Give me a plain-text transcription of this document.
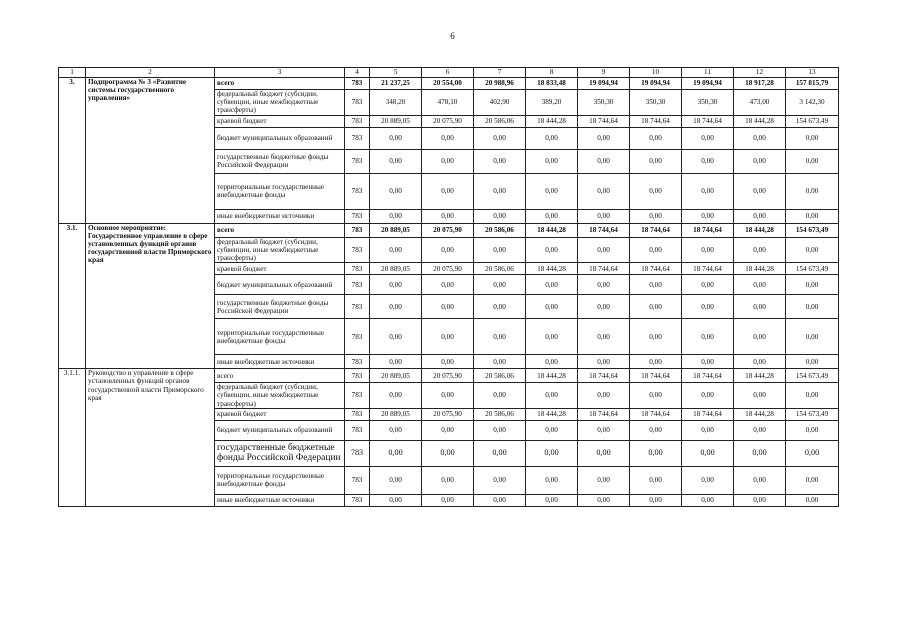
6
1	2	3	4	5	6	7	8	9	10	11	12	13
3.	Подпрограмма № 3 «Развитие системы государственного управления»	всего	783	21 237,25	20 554,00	20 988,96	18 833,48	19 094,94	19 094,94	19 094,94	18 917,28	157 815,79
		федеральный бюджет (субсидии, субвенции, иные межбюджетные трансферты)	783	348,20	478,10	402,90	389,20	350,30	350,30	350,30	473,00	3 142,30
		краевой бюджет	783	20 889,05	20 075,90	20 586,06	18 444,28	18 744,64	18 744,64	18 744,64	18 444,28	154 673,49
		бюджет муниципальных образований	783	0,00	0,00	0,00	0,00	0,00	0,00	0,00	0,00	0,00
		государственные бюджетные фонды Российской Федерации	783	0,00	0,00	0,00	0,00	0,00	0,00	0,00	0,00	0,00
		территориальные государственные внебюджетные фонды	783	0,00	0,00	0,00	0,00	0,00	0,00	0,00	0,00	0,00
		иные внебюджетные источники	783	0,00	0,00	0,00	0,00	0,00	0,00	0,00	0,00	0,00
3.1.	Основное мероприятие: Государственное управление в сфере установленных функций органов государственной власти Приморского края	всего	783	20 889,05	20 075,90	20 586,06	18 444,28	18 744,64	18 744,64	18 744,64	18 444,28	154 673,49
		федеральный бюджет (субсидии, субвенции, иные межбюджетные трансферты)	783	0,00	0,00	0,00	0,00	0,00	0,00	0,00	0,00	0,00
		краевой бюджет	783	20 889,05	20 075,90	20 586,06	18 444,28	18 744,64	18 744,64	18 744,64	18 444,28	154 673,49
		бюджет муниципальных образований	783	0,00	0,00	0,00	0,00	0,00	0,00	0,00	0,00	0,00
		государственные бюджетные фонды Российской Федерации	783	0,00	0,00	0,00	0,00	0,00	0,00	0,00	0,00	0,00
		территориальные государственные внебюджетные фонды	783	0,00	0,00	0,00	0,00	0,00	0,00	0,00	0,00	0,00
		иные внебюджетные источники	783	0,00	0,00	0,00	0,00	0,00	0,00	0,00	0,00	0,00
3.1.1.	Руководство и управление в сфере установленных функций органов государственной власти Приморского края	всего	783	20 889,05	20 075,90	20 586,06	18 444,28	18 744,64	18 744,64	18 744,64	18 444,28	154 673,49
		федеральный бюджет (субсидии, субвенции, иные межбюджетные трансферты)	783	0,00	0,00	0,00	0,00	0,00	0,00	0,00	0,00	0,00
		краевой бюджет	783	20 889,05	20 075,90	20 586,06	18 444,28	18 744,64	18 744,64	18 744,64	18 444,28	154 673,49
		бюджет муниципальных образований	783	0,00	0,00	0,00	0,00	0,00	0,00	0,00	0,00	0,00
		государственные бюджетные фонды Российской Федерации	783	0,00	0,00	0,00	0,00	0,00	0,00	0,00	0,00	0,00
		территориальные государственные внебюджетные фонды	783	0,00	0,00	0,00	0,00	0,00	0,00	0,00	0,00	0,00
		иные внебюджетные источники	783	0,00	0,00	0,00	0,00	0,00	0,00	0,00	0,00	0,00
